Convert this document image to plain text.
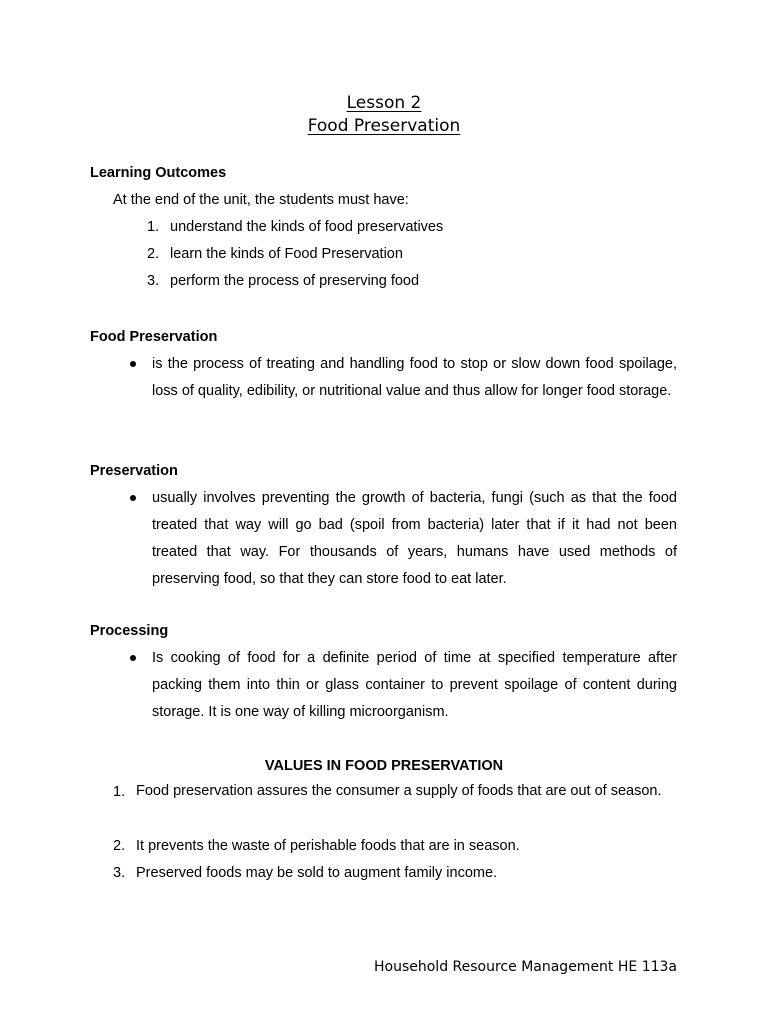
Lesson 2
Food Preservation
Learning Outcomes
At the end of the unit, the students must have:
1. understand the kinds of food preservatives
2. learn the kinds of Food Preservation
3. perform the process of preserving food
Food Preservation
is the process of treating and handling food to stop or slow down food spoilage, loss of quality, edibility, or nutritional value and thus allow for longer food storage.
Preservation
usually involves preventing the growth of bacteria, fungi (such as that the food treated that way will go bad (spoil from bacteria) later that if it had not been treated that way. For thousands of years, humans have used methods of preserving food, so that they can store food to eat later.
Processing
Is cooking of food for a definite period of time at specified temperature after packing them into thin or glass container to prevent spoilage of content during storage. It is one way of killing microorganism.
VALUES IN FOOD PRESERVATION
1. Food preservation assures the consumer a supply of foods that are out of season.
2. It prevents the waste of perishable foods that are in season.
3. Preserved foods may be sold to augment family income.
Household Resource Management HE 113a
